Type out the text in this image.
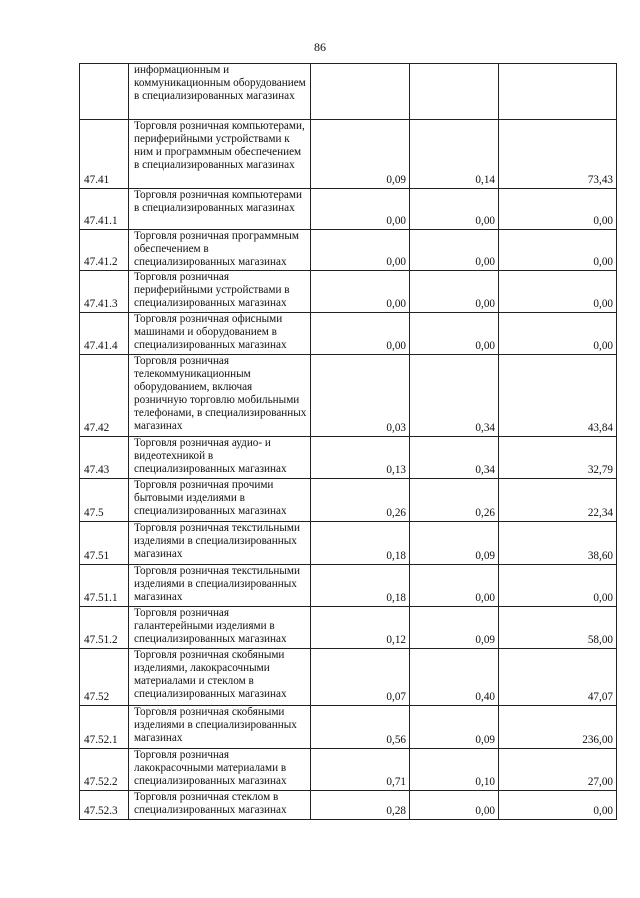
86
	информационным и коммуникационным оборудованием в специализированных магазинах			
47.41	Торговля розничная компьютерами, периферийными устройствами к ним и программным обеспечением в специализированных магазинах	0,09	0,14	73,43
47.41.1	Торговля розничная компьютерами в специализированных магазинах	0,00	0,00	0,00
47.41.2	Торговля розничная программным обеспечением в специализированных магазинах	0,00	0,00	0,00
47.41.3	Торговля розничная периферийными устройствами в специализированных магазинах	0,00	0,00	0,00
47.41.4	Торговля розничная офисными машинами и оборудованием в специализированных магазинах	0,00	0,00	0,00
47.42	Торговля розничная телекоммуникационным оборудованием, включая розничную торговлю мобильными телефонами, в специализированных магазинах	0,03	0,34	43,84
47.43	Торговля розничная аудио- и видеотехникой в специализированных магазинах	0,13	0,34	32,79
47.5	Торговля розничная прочими бытовыми изделиями в специализированных магазинах	0,26	0,26	22,34
47.51	Торговля розничная текстильными изделиями в специализированных магазинах	0,18	0,09	38,60
47.51.1	Торговля розничная текстильными изделиями в специализированных магазинах	0,18	0,00	0,00
47.51.2	Торговля розничная галантерейными изделиями в специализированных магазинах	0,12	0,09	58,00
47.52	Торговля розничная скобяными изделиями, лакокрасочными материалами и стеклом в специализированных магазинах	0,07	0,40	47,07
47.52.1	Торговля розничная скобяными изделиями в специализированных магазинах	0,56	0,09	236,00
47.52.2	Торговля розничная лакокрасочными материалами в специализированных магазинах	0,71	0,10	27,00
47.52.3	Торговля розничная стеклом в специализированных магазинах	0,28	0,00	0,00
